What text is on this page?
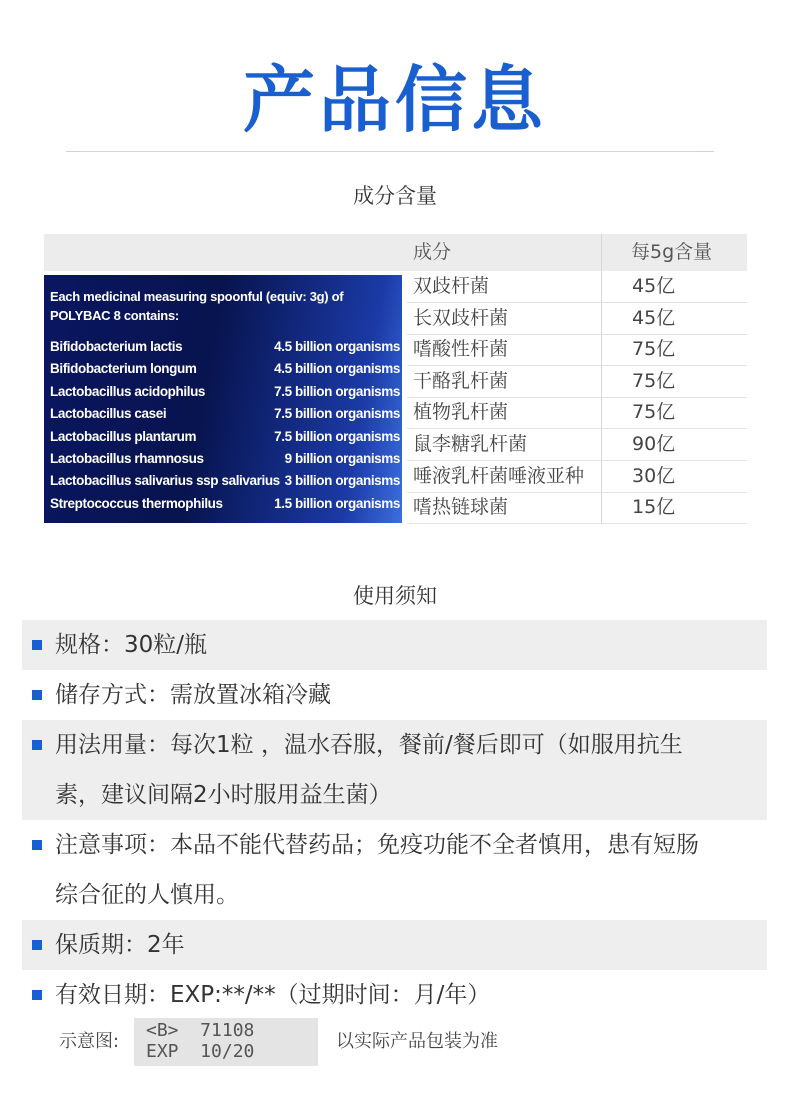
产品信息
成分含量
成分	每5g含量
双歧杆菌	45亿
长双歧杆菌	45亿
嗜酸性杆菌	75亿
干酪乳杆菌	75亿
植物乳杆菌	75亿
鼠李糖乳杆菌	90亿
唾液乳杆菌唾液亚种	30亿
嗜热链球菌	15亿
Each medicinal measuring spoonful (equiv: 3g) of POLYBAC 8 contains:
Bifidobacterium lactis	4.5 billion organisms
Bifidobacterium longum	4.5 billion organisms
Lactobacillus acidophilus	7.5 billion organisms
Lactobacillus casei	7.5 billion organisms
Lactobacillus plantarum	7.5 billion organisms
Lactobacillus rhamnosus	9 billion organisms
Lactobacillus salivarius ssp salivarius 3 billion organisms
Streptococcus thermophilus	1.5 billion organisms
使用须知
规格：30粒/瓶
储存方式：需放置冰箱冷藏
用法用量：每次1粒 ，温水吞服，餐前/餐后即可（如服用抗生
素，建议间隔2小时服用益生菌）
注意事项：本品不能代替药品；免疫功能不全者慎用，患有短肠
综合征的人慎用。
保质期：2年
有效日期：EXP:**/**（过期时间：月/年）
示意图:
<B>  71108
EXP  10/20	以实际产品包装为准
